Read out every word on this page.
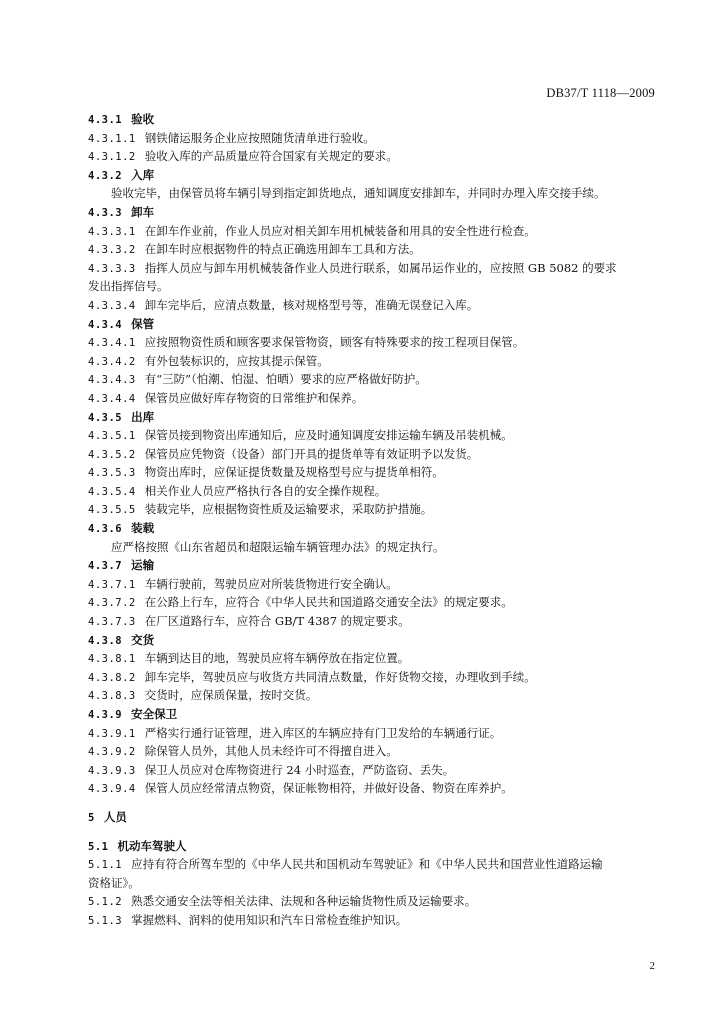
DB37/T 1118—2009
4.3.1 验收
4.3.1.1 钢铁储运服务企业应按照随货清单进行验收。
4.3.1.2 验收入库的产品质量应符合国家有关规定的要求。
4.3.2 入库
验收完毕，由保管员将车辆引导到指定卸货地点，通知调度安排卸车，并同时办理入库交接手续。
4.3.3 卸车
4.3.3.1 在卸车作业前，作业人员应对相关卸车用机械装备和用具的安全性进行检查。
4.3.3.2 在卸车时应根据物件的特点正确选用卸车工具和方法。
4.3.3.3 指挥人员应与卸车用机械装备作业人员进行联系，如属吊运作业的，应按照 GB 5082 的要求
发出指挥信号。
4.3.3.4 卸车完毕后，应清点数量，核对规格型号等，准确无误登记入库。
4.3.4 保管
4.3.4.1 应按照物资性质和顾客要求保管物资，顾客有特殊要求的按工程项目保管。
4.3.4.2 有外包装标识的，应按其提示保管。
4.3.4.3 有“三防”（怕潮、怕湿、怕晒）要求的应严格做好防护。
4.3.4.4 保管员应做好库存物资的日常维护和保养。
4.3.5 出库
4.3.5.1 保管员接到物资出库通知后，应及时通知调度安排运输车辆及吊装机械。
4.3.5.2 保管员应凭物资（设备）部门开具的提货单等有效证明予以发货。
4.3.5.3 物资出库时，应保证提货数量及规格型号应与提货单相符。
4.3.5.4 相关作业人员应严格执行各自的安全操作规程。
4.3.5.5 装载完毕，应根据物资性质及运输要求，采取防护措施。
4.3.6 装载
应严格按照《山东省超员和超限运输车辆管理办法》的规定执行。
4.3.7 运输
4.3.7.1 车辆行驶前，驾驶员应对所装货物进行安全确认。
4.3.7.2 在公路上行车，应符合《中华人民共和国道路交通安全法》的规定要求。
4.3.7.3 在厂区道路行车，应符合 GB/T 4387 的规定要求。
4.3.8 交货
4.3.8.1 车辆到达目的地，驾驶员应将车辆停放在指定位置。
4.3.8.2 卸车完毕，驾驶员应与收货方共同清点数量，作好货物交接，办理收到手续。
4.3.8.3 交货时，应保质保量，按时交货。
4.3.9 安全保卫
4.3.9.1 严格实行通行证管理，进入库区的车辆应持有门卫发给的车辆通行证。
4.3.9.2 除保管人员外，其他人员未经许可不得擅自进入。
4.3.9.3 保卫人员应对仓库物资进行 24 小时巡查，严防盗窃、丢失。
4.3.9.4 保管人员应经常清点物资，保证帐物相符，并做好设备、物资在库养护。
5 人员
5.1 机动车驾驶人
5.1.1 应持有符合所驾车型的《中华人民共和国机动车驾驶证》和《中华人民共和国营业性道路运输
资格证》。
5.1.2 熟悉交通安全法等相关法律、法规和各种运输货物性质及运输要求。
5.1.3 掌握燃料、润料的使用知识和汽车日常检查维护知识。
2
